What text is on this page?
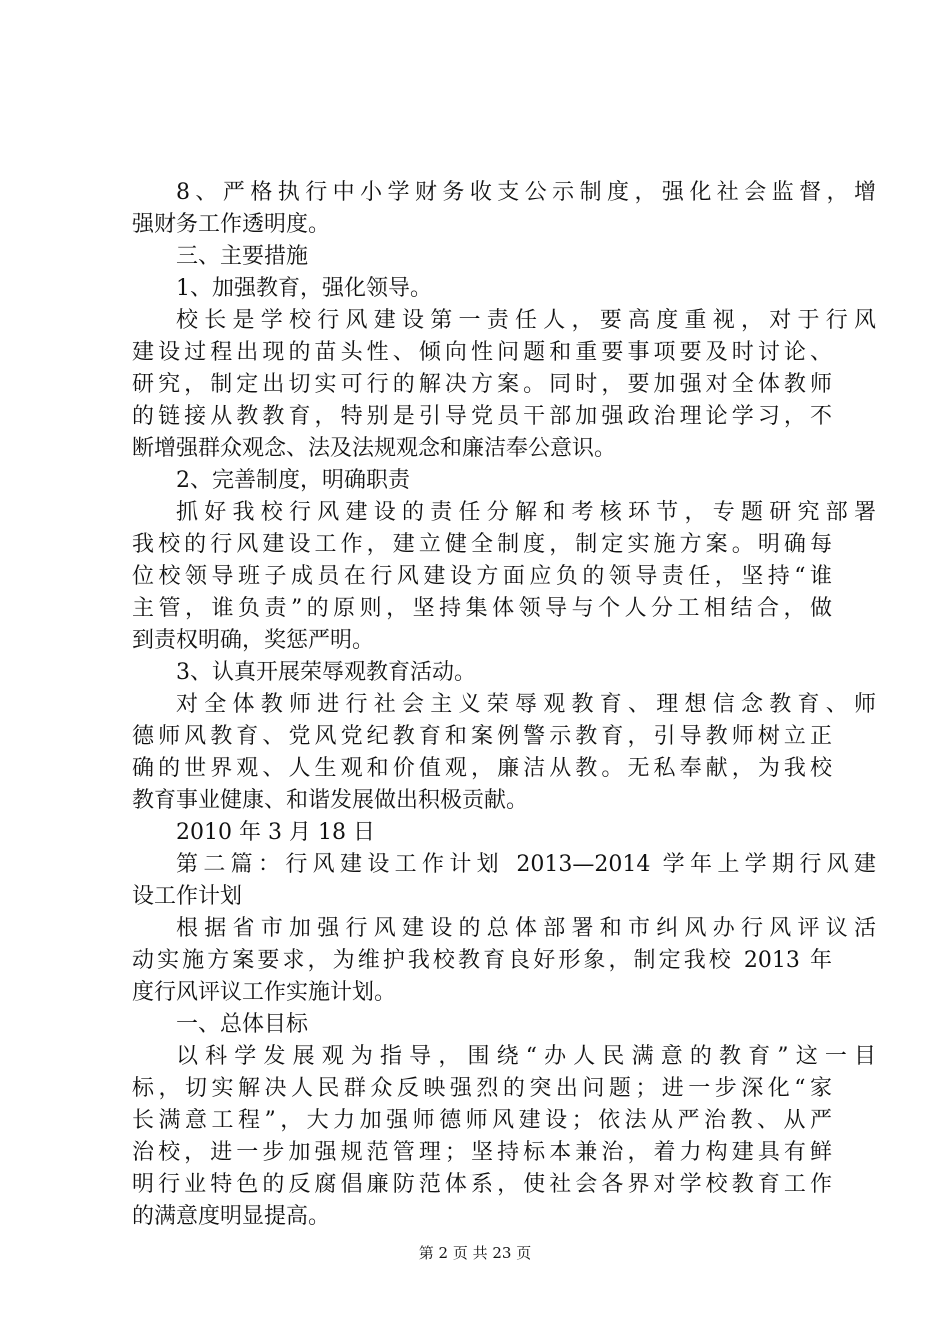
8、严格执行中小学财务收支公示制度，强化社会监督，增
强财务工作透明度。
三、主要措施
1、加强教育，强化领导。
校长是学校行风建设第一责任人，要高度重视，对于行风
建设过程出现的苗头性、倾向性问题和重要事项要及时讨论、
研究，制定出切实可行的解决方案。同时，要加强对全体教师
的链接从教教育，特别是引导党员干部加强政治理论学习，不
断增强群众观念、法及法规观念和廉洁奉公意识。
2、完善制度，明确职责
抓好我校行风建设的责任分解和考核环节，专题研究部署
我校的行风建设工作，建立健全制度，制定实施方案。明确每
位校领导班子成员在行风建设方面应负的领导责任，坚持“谁
主管，谁负责”的原则，坚持集体领导与个人分工相结合，做
到责权明确，奖惩严明。
3、认真开展荣辱观教育活动。
对全体教师进行社会主义荣辱观教育、理想信念教育、师
德师风教育、党风党纪教育和案例警示教育，引导教师树立正
确的世界观、人生观和价值观，廉洁从教。无私奉献，为我校
教育事业健康、和谐发展做出积极贡献。
2010 年 3 月 18 日
第二篇：行风建设工作计划 2013—2014 学年上学期行风建
设工作计划
根据省市加强行风建设的总体部署和市纠风办行风评议活
动实施方案要求，为维护我校教育良好形象，制定我校 2013 年
度行风评议工作实施计划。
一、总体目标
以科学发展观为指导，围绕“办人民满意的教育”这一目
标，切实解决人民群众反映强烈的突出问题；进一步深化“家
长满意工程”，大力加强师德师风建设；依法从严治教、从严
治校，进一步加强规范管理；坚持标本兼治，着力构建具有鲜
明行业特色的反腐倡廉防范体系，使社会各界对学校教育工作
的满意度明显提高。
第 2 页 共 23 页
